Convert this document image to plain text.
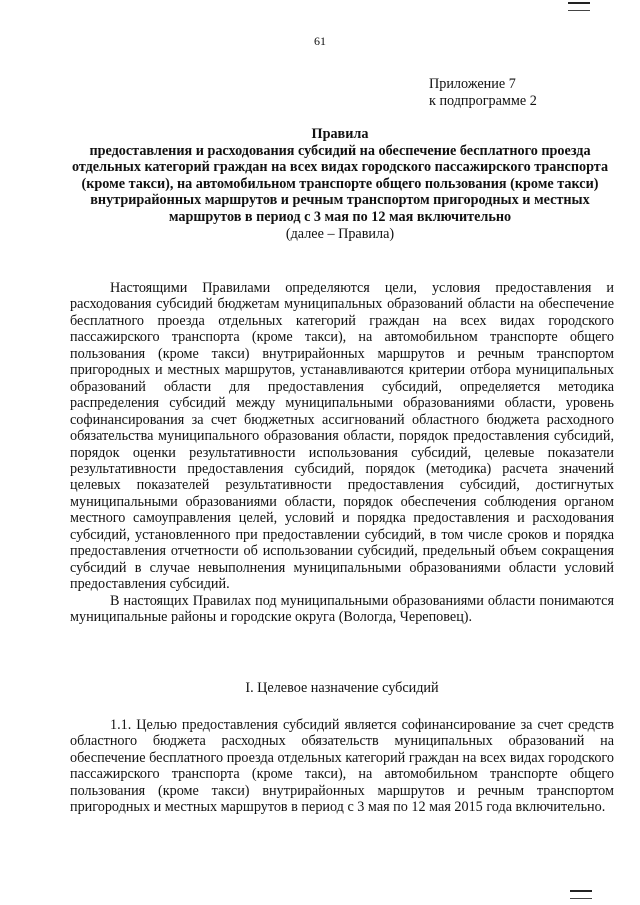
61
Приложение 7
к подпрограмме 2
Правила
предоставления и расходования субсидий на обеспечение бесплатного проезда отдельных категорий граждан на всех видах городского пассажирского транспорта (кроме такси), на автомобильном транспорте общего пользования (кроме такси) внутрирайонных маршрутов и речным транспортом пригородных и местных маршрутов в период с 3 мая по 12 мая включительно
(далее – Правила)

Настоящими Правилами определяются цели, условия предоставления и расходования субсидий бюджетам муниципальных образований области на обеспечение бесплатного проезда отдельных категорий граждан на всех видах городского пассажирского транспорта (кроме такси), на автомобильном транспорте общего пользования (кроме такси) внутрирайонных маршрутов и речным транспортом пригородных и местных маршрутов, устанавливаются критерии отбора муниципальных образований области для предоставления субсидий, определяется методика распределения субсидий между муниципальными образованиями области, уровень софинансирования за счет бюджетных ассигнований областного бюджета расходного обязательства муниципального образования области, порядок предоставления субсидий, порядок оценки результативности использования субсидий, целевые показатели результативности предоставления субсидий, порядок (методика) расчета значений целевых показателей результативности предоставления субсидий, достигнутых муниципальными образованиями области, порядок обеспечения соблюдения органом местного самоуправления целей, условий и порядка предоставления и расходования субсидий, установленного при предоставлении субсидий, в том числе сроков и порядка предоставления отчетности об использовании субсидий, предельный объем сокращения субсидий в случае невыполнения муниципальными образованиями области условий предоставления субсидий.

В настоящих Правилах под муниципальными образованиями области понимаются муниципальные районы и городские округа (Вологда, Череповец).

I. Целевое назначение субсидий

1.1. Целью предоставления субсидий является софинансирование за счет средств областного бюджета расходных обязательств муниципальных образований на обеспечение бесплатного проезда отдельных категорий граждан на всех видах городского пассажирского транспорта (кроме такси), на автомобильном транспорте общего пользования (кроме такси) внутрирайонных маршрутов и речным транспортом пригородных и местных маршрутов в период с 3 мая по 12 мая 2015 года включительно.
